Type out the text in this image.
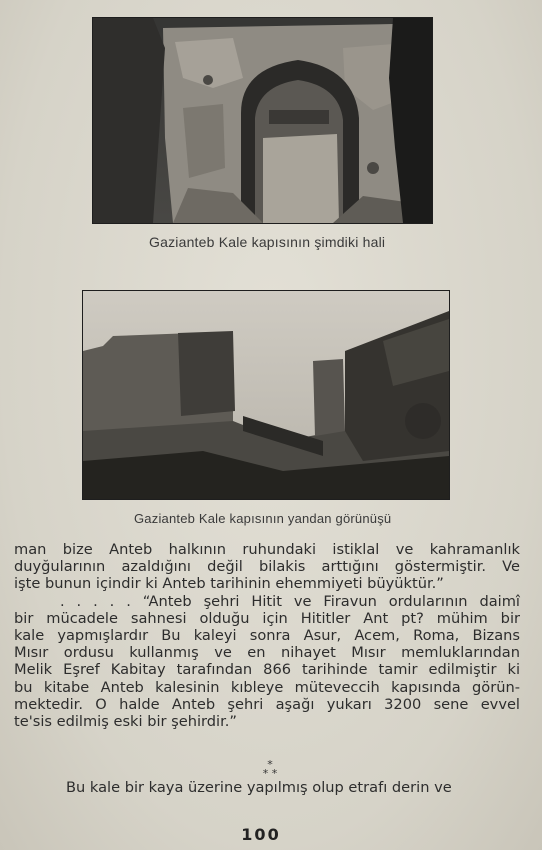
Gazianteb Kale kapısının şimdiki hali
Gazianteb Kale kapısının yandan görünüşü
man bize Anteb halkının ruhundaki istiklal ve kahramanlık
duyğularının azaldığını değil bilakis arttığını göstermiştir. Ve
işte bunun içindir ki Anteb tarihinin ehemmiyeti büyüktür.”
. . . . . “Anteb şehri Hitit ve Firavun ordularının daimî
bir mücadele sahnesi olduğu için Hititler Ant pt? mühim bir
kale yapmışlardır Bu kaleyi sonra Asur, Acem, Roma, Bizans
Mısır ordusu kullanmış ve en nihayet Mısır memluklarından
Melik Eşref Kabitay tarafından 866 tarihinde tamir edilmiştir ki
bu kitabe Anteb kalesinin kıbleye müteveccih kapısında görün-
mektedir. O halde Anteb şehri aşağı yukarı 3200 sene evvel
te'sis edilmiş eski bir şehirdir.”
*
* *
Bu kale bir kaya üzerine yapılmış olup etrafı derin ve
100
